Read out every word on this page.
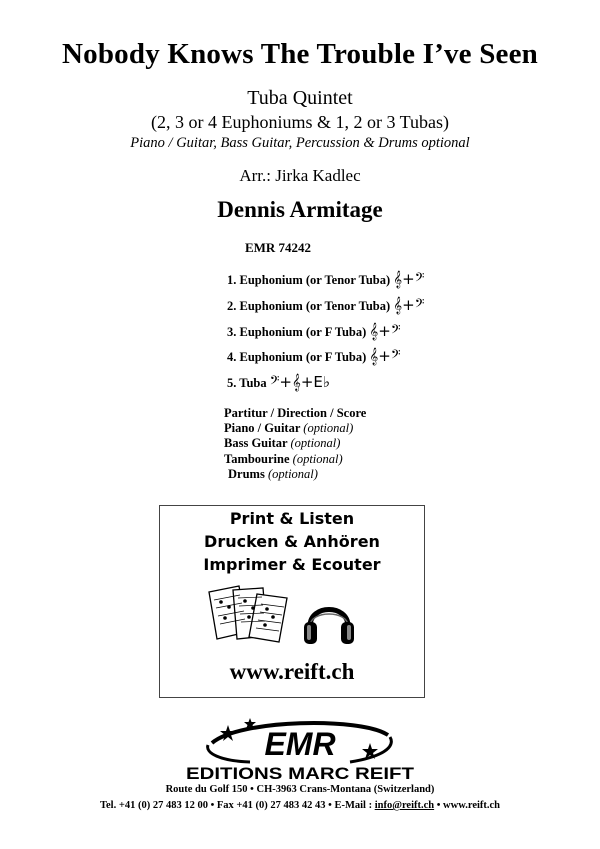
Nobody Knows The Trouble I’ve Seen
Tuba Quintet
(2, 3 or 4 Euphoniums & 1, 2 or 3 Tubas)
Piano / Guitar, Bass Guitar, Percussion & Drums optional
Arr.: Jirka Kadlec
Dennis Armitage
EMR 74242
1. Euphonium (or Tenor Tuba) 𝄞+𝄢
2. Euphonium (or Tenor Tuba) 𝄞+𝄢
3. Euphonium (or F Tuba) 𝄞+𝄢
4. Euphonium (or F Tuba) 𝄞+𝄢
5. Tuba 𝄢+𝄞+E♭
Partitur / Direction / Score
Piano / Guitar (optional)
Bass Guitar (optional)
Tambourine (optional)
Drums (optional)
Print & Listen
Drucken & Anhören
Imprimer & Ecouter
www.reift.ch
EMR
EDITIONS MARC REIFT
Route du Golf 150 • CH-3963 Crans-Montana (Switzerland)
Tel. +41 (0) 27 483 12 00 • Fax +41 (0) 27 483 42 43 • E-Mail : info@reift.ch • www.reift.ch
